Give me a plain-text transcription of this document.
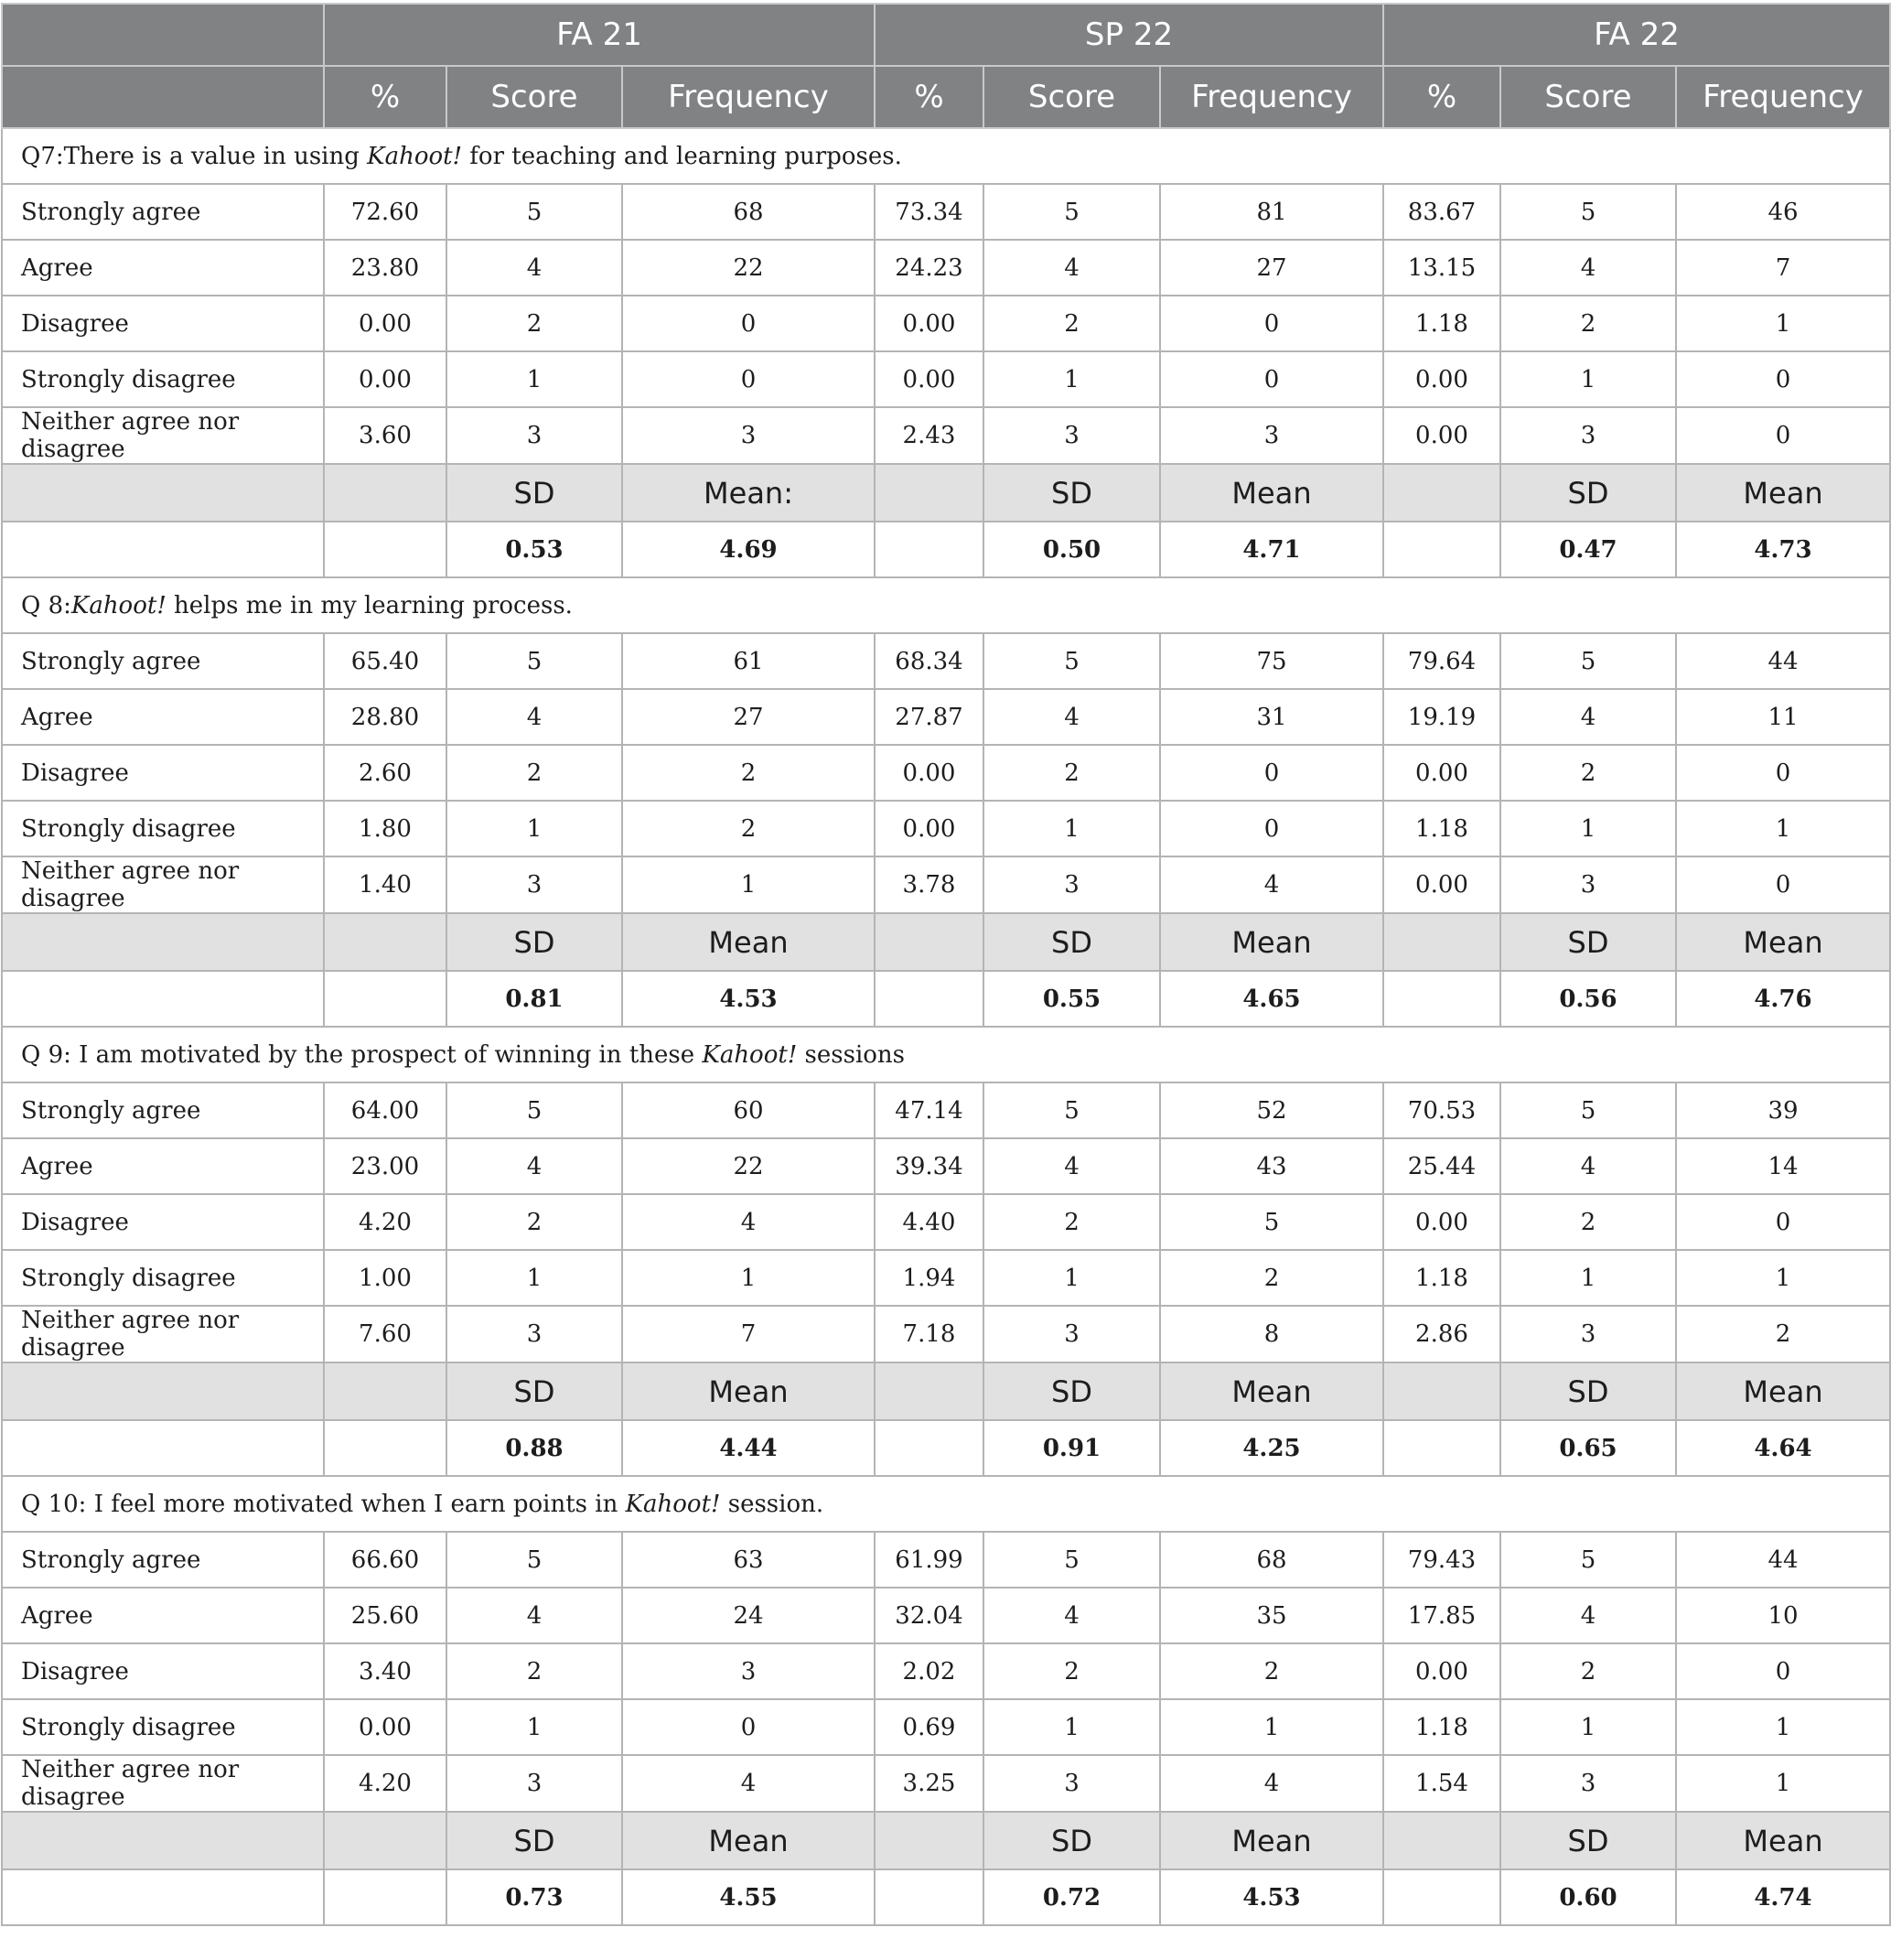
	FA 21			SP 22			FA 22		
	%	Score	Frequency	%	Score	Frequency	%	Score	Frequency
Q7:There is a value in using Kahoot! for teaching and learning purposes.									
Strongly agree	72.60	5	68	73.34	5	81	83.67	5	46
Agree	23.80	4	22	24.23	4	27	13.15	4	7
Disagree	0.00	2	0	0.00	2	0	1.18	2	1
Strongly disagree	0.00	1	0	0.00	1	0	0.00	1	0
Neither agree nor disagree	3.60	3	3	2.43	3	3	0.00	3	0
		SD	Mean:		SD	Mean		SD	Mean
		0.53	4.69		0.50	4.71		0.47	4.73
Q 8:Kahoot! helps me in my learning process.									
Strongly agree	65.40	5	61	68.34	5	75	79.64	5	44
Agree	28.80	4	27	27.87	4	31	19.19	4	11
Disagree	2.60	2	2	0.00	2	0	0.00	2	0
Strongly disagree	1.80	1	2	0.00	1	0	1.18	1	1
Neither agree nor disagree	1.40	3	1	3.78	3	4	0.00	3	0
		SD	Mean		SD	Mean		SD	Mean
		0.81	4.53		0.55	4.65		0.56	4.76
Q 9: I am motivated by the prospect of winning in these Kahoot! sessions									
Strongly agree	64.00	5	60	47.14	5	52	70.53	5	39
Agree	23.00	4	22	39.34	4	43	25.44	4	14
Disagree	4.20	2	4	4.40	2	5	0.00	2	0
Strongly disagree	1.00	1	1	1.94	1	2	1.18	1	1
Neither agree nor disagree	7.60	3	7	7.18	3	8	2.86	3	2
		SD	Mean		SD	Mean		SD	Mean
		0.88	4.44		0.91	4.25		0.65	4.64
Q 10: I feel more motivated when I earn points in Kahoot! session.									
Strongly agree	66.60	5	63	61.99	5	68	79.43	5	44
Agree	25.60	4	24	32.04	4	35	17.85	4	10
Disagree	3.40	2	3	2.02	2	2	0.00	2	0
Strongly disagree	0.00	1	0	0.69	1	1	1.18	1	1
Neither agree nor disagree	4.20	3	4	3.25	3	4	1.54	3	1
		SD	Mean		SD	Mean		SD	Mean
		0.73	4.55		0.72	4.53		0.60	4.74
